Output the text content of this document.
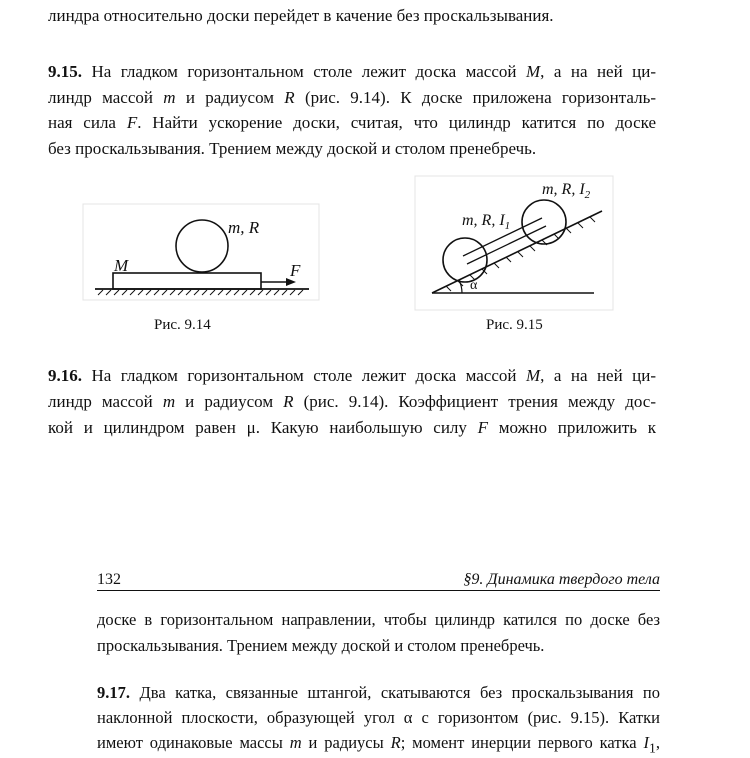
линдра относительно доски перейдет в качение без проскальзывания.
9.15. На гладком горизонтальном столе лежит доска массой M, а на ней ци-
линдр массой m и радиусом R (рис. 9.14). К доске приложена горизонталь-
ная сила F. Найти ускорение доски, считая, что цилиндр катится по доске
без проскальзывания. Трением между доской и столом пренебречь.
m, R
M	F
Рис. 9.14
m, R, $I_2$
m, R, $I_1$
α
Рис. 9.15
9.16. На гладком горизонтальном столе лежит доска массой M, а на ней ци-
линдр массой m и радиусом R (рис. 9.14). Коэффициент трения между дос-
кой и цилиндром равен μ. Какую наибольшую силу F можно приложить к
132	§9. Динамика твердого тела
доске в горизонтальном направлении, чтобы цилиндр катился по доске без
проскальзывания. Трением между доской и столом пренебречь.
9.17. Два катка, связанные штангой, скатываются без проскальзывания по
наклонной плоскости, образующей угол α с горизонтом (рис. 9.15). Катки
имеют одинаковые массы m и радиусы R; момент инерции первого катка $I_1$,
